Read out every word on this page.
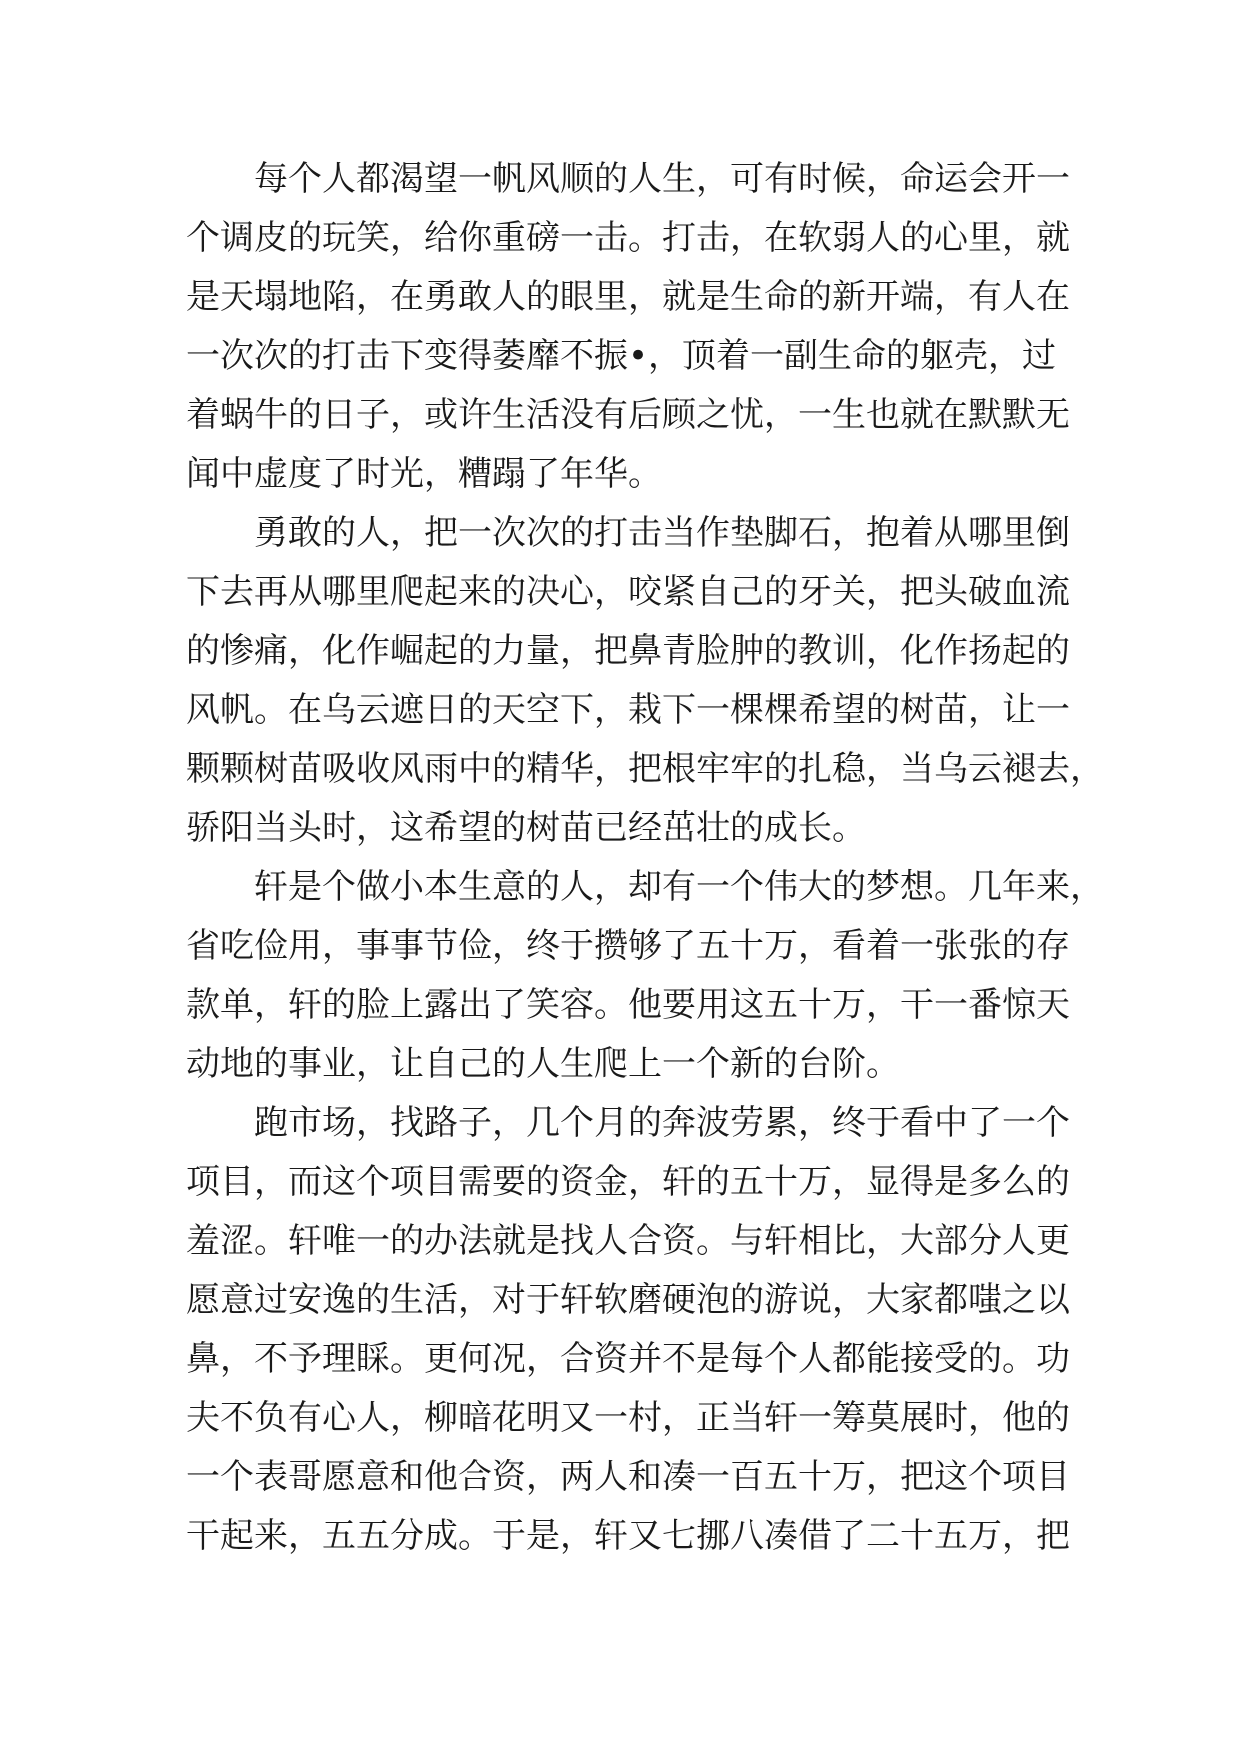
每个人都渴望一帆风顺的人生，可有时候，命运会开一
个调皮的玩笑，给你重磅一击。打击，在软弱人的心里，就
是天塌地陷，在勇敢人的眼里，就是生命的新开端，有人在
一次次的打击下变得萎靡不振•，顶着一副生命的躯壳，过
着蜗牛的日子，或许生活没有后顾之忧，一生也就在默默无
闻中虚度了时光，糟蹋了年华。
勇敢的人，把一次次的打击当作垫脚石，抱着从哪里倒
下去再从哪里爬起来的决心，咬紧自己的牙关，把头破血流
的惨痛，化作崛起的力量，把鼻青脸肿的教训，化作扬起的
风帆。在乌云遮日的天空下，栽下一棵棵希望的树苗，让一
颗颗树苗吸收风雨中的精华，把根牢牢的扎稳，当乌云褪去，
骄阳当头时，这希望的树苗已经茁壮的成长。
轩是个做小本生意的人，却有一个伟大的梦想。几年来，
省吃俭用，事事节俭，终于攒够了五十万，看着一张张的存
款单，轩的脸上露出了笑容。他要用这五十万，干一番惊天
动地的事业，让自己的人生爬上一个新的台阶。
跑市场，找路子，几个月的奔波劳累，终于看中了一个
项目，而这个项目需要的资金，轩的五十万，显得是多么的
羞涩。轩唯一的办法就是找人合资。与轩相比，大部分人更
愿意过安逸的生活，对于轩软磨硬泡的游说，大家都嗤之以
鼻，不予理睬。更何况，合资并不是每个人都能接受的。功
夫不负有心人，柳暗花明又一村，正当轩一筹莫展时，他的
一个表哥愿意和他合资，两人和凑一百五十万，把这个项目
干起来，五五分成。于是，轩又七挪八凑借了二十五万，把
